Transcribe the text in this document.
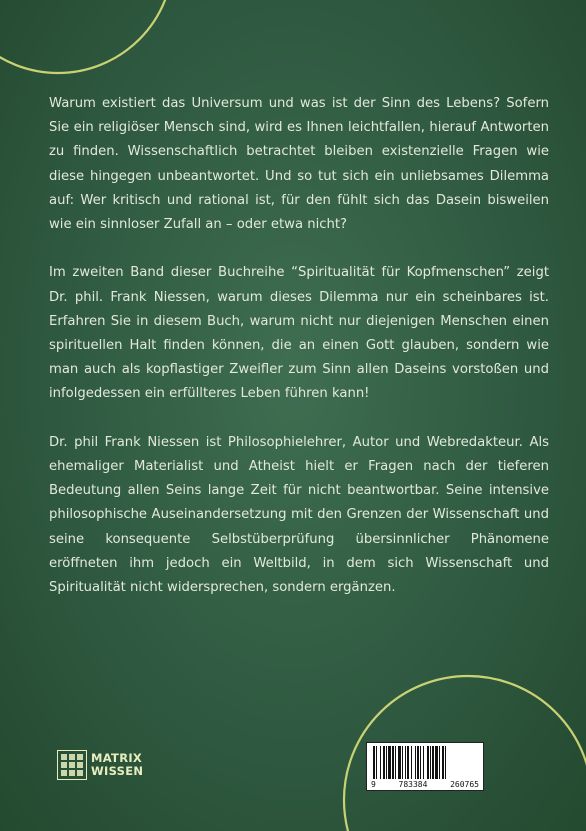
Warum existiert das Universum und was ist der Sinn des Lebens? Sofern Sie ein religiöser Mensch sind, wird es Ihnen leichtfallen, hierauf Antworten zu finden. Wissenschaftlich betrachtet bleiben existenzielle Fragen wie diese hingegen unbeantwortet. Und so tut sich ein unliebsames Dilemma auf: Wer kritisch und rational ist, für den fühlt sich das Dasein bisweilen wie ein sinnloser Zufall an – oder etwa nicht?

Im zweiten Band dieser Buchreihe “Spiritualität für Kopfmenschen” zeigt Dr. phil. Frank Niessen, warum dieses Dilemma nur ein scheinbares ist. Erfahren Sie in diesem Buch, warum nicht nur diejenigen Menschen einen spirituellen Halt finden können, die an einen Gott glauben, sondern wie man auch als kopflastiger Zweifler zum Sinn allen Daseins vorstoßen und infolgedessen ein erfüllteres Leben führen kann!

Dr. phil Frank Niessen ist Philosophielehrer, Autor und Webredakteur. Als ehemaliger Materialist und Atheist hielt er Fragen nach der tieferen Bedeutung allen Seins lange Zeit für nicht beantwortbar. Seine intensive philosophische Auseinandersetzung mit den Grenzen der Wissenschaft und seine konsequente Selbstüberprüfung übersinnlicher Phänomene eröffneten ihm jedoch ein Weltbild, in dem sich Wissenschaft und Spiritualität nicht widersprechen, sondern ergänzen.

MATRIX
WISSEN
9	783384	260765
